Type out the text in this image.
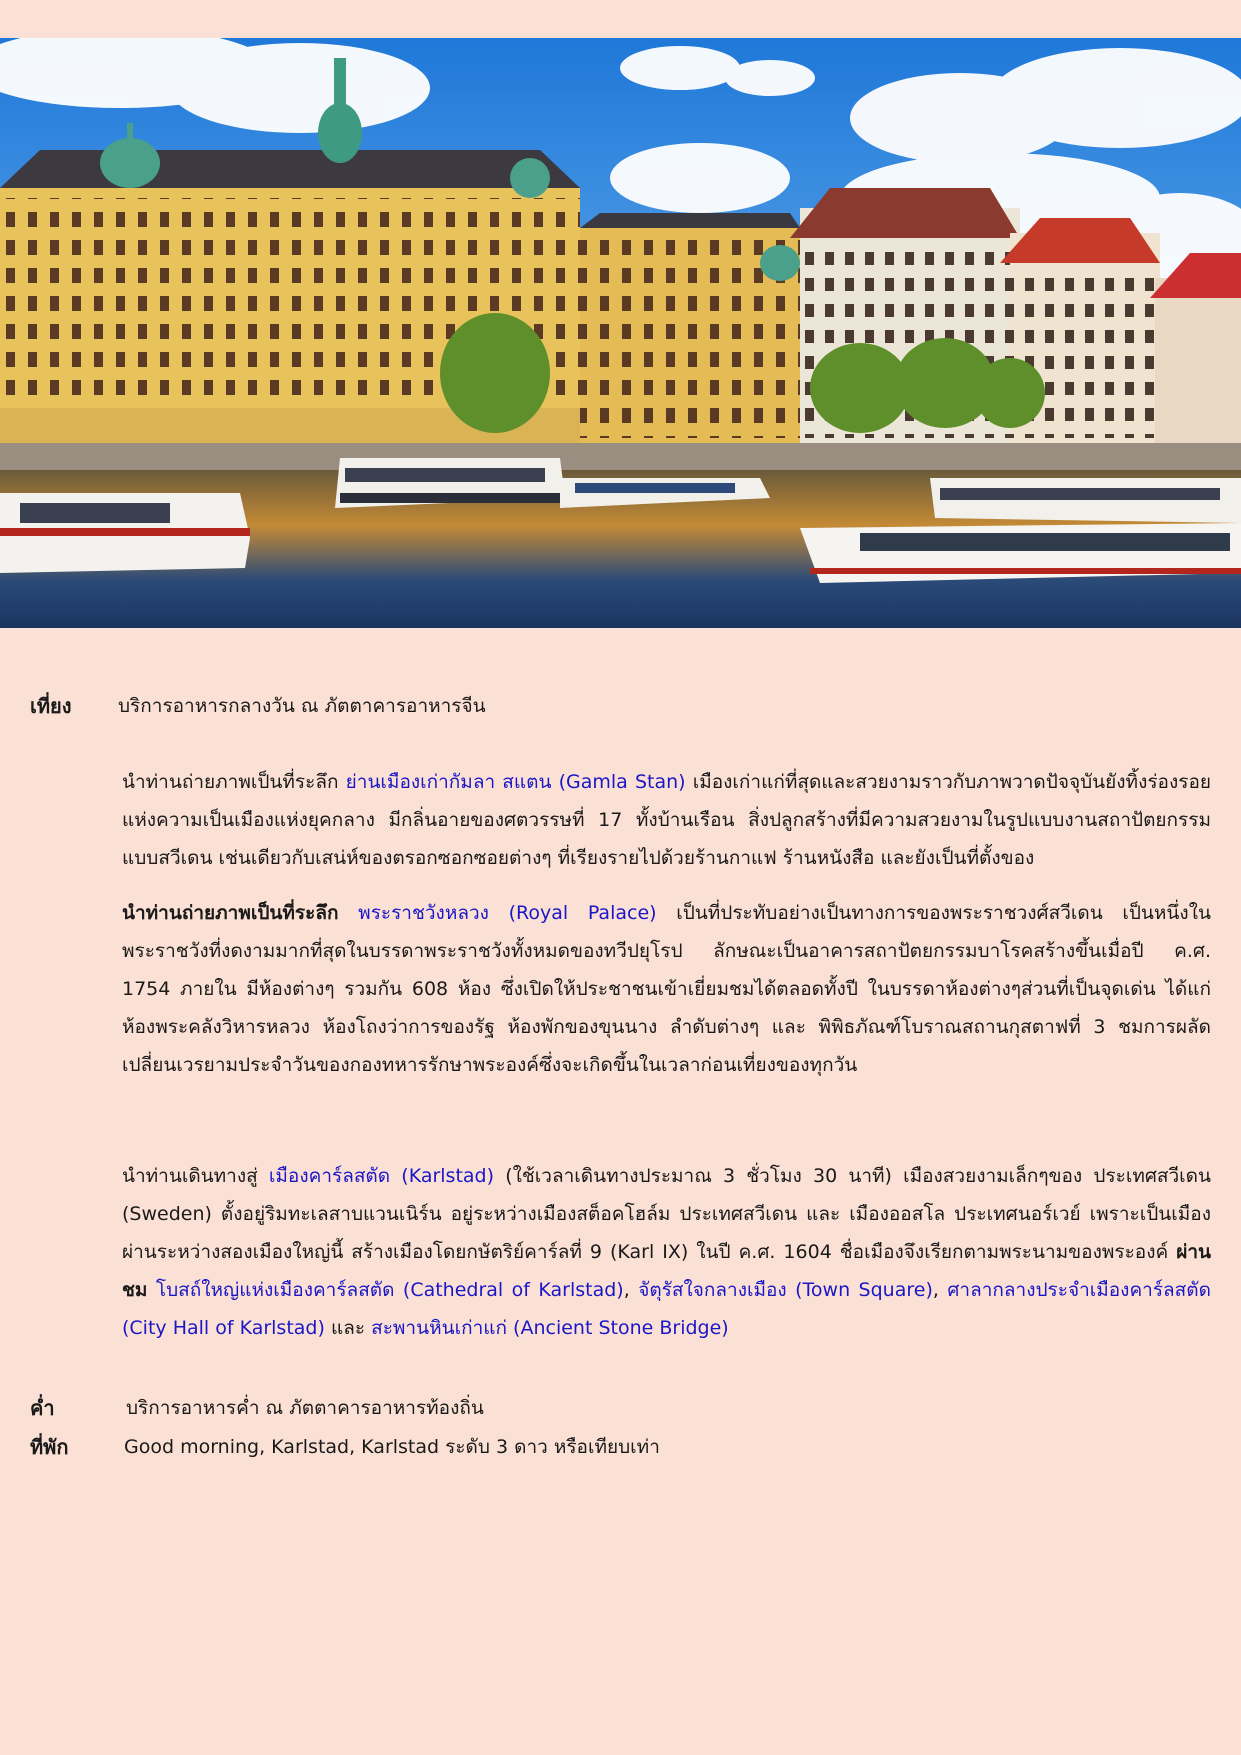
เที่ยง บริการอาหารกลางวัน ณ ภัตตาคารอาหารจีน
นำท่านถ่ายภาพเป็นที่ระลึก ย่านเมืองเก่ากัมลา สแตน (Gamla Stan) เมืองเก่าแก่ที่สุดและสวยงามราวกับภาพวาดปัจจุบันยังทิ้งร่องรอยแห่งความเป็นเมืองแห่งยุคกลาง มีกลิ่นอายของศตวรรษที่ 17 ทั้งบ้านเรือน สิ่งปลูกสร้างที่มีความสวยงามในรูปแบบงานสถาปัตยกรรมแบบสวีเดน เช่นเดียวกับเสน่ห์ของตรอกซอกซอยต่างๆ ที่เรียงรายไปด้วยร้านกาแฟ ร้านหนังสือ และยังเป็นที่ตั้งของ
นำท่านถ่ายภาพเป็นที่ระลึก พระราชวังหลวง (Royal Palace) เป็นที่ประทับอย่างเป็นทางการของพระราชวงศ์สวีเดน เป็นหนึ่งในพระราชวังที่งดงามมากที่สุดในบรรดาพระราชวังทั้งหมดของทวีปยุโรป ลักษณะเป็นอาคารสถาปัตยกรรมบาโรคสร้างขึ้นเมื่อปี ค.ศ. 1754 ภายใน มีห้องต่างๆ รวมกัน 608 ห้อง ซึ่งเปิดให้ประชาชนเข้าเยี่ยมชมได้ตลอดทั้งปี ในบรรดาห้องต่างๆส่วนที่เป็นจุดเด่น ได้แก่ ห้องพระคลังวิหารหลวง ห้องโถงว่าการของรัฐ ห้องพักของขุนนาง ลำดับต่างๆ และ พิพิธภัณฑ์โบราณสถานกุสตาฟที่ 3 ชมการผลัดเปลี่ยนเวรยามประจำวันของกองทหารรักษาพระองค์ซึ่งจะเกิดขึ้นในเวลาก่อนเที่ยงของทุกวัน
นำท่านเดินทางสู่ เมืองคาร์ลสตัด (Karlstad) (ใช้เวลาเดินทางประมาณ 3 ชั่วโมง 30 นาที) เมืองสวยงามเล็กๆของ ประเทศสวีเดน (Sweden) ตั้งอยู่ริมทะเลสาบแวนเนิร์น อยู่ระหว่างเมืองสต็อคโฮล์ม ประเทศสวีเดน และ เมืองออสโล ประเทศนอร์เวย์ เพราะเป็นเมืองผ่านระหว่างสองเมืองใหญ่นี้ สร้างเมืองโดยกษัตริย์คาร์ลที่ 9 (Karl IX) ในปี ค.ศ. 1604 ชื่อเมืองจึงเรียกตามพระนามของพระองค์ ผ่านชม โบสถ์ใหญ่แห่งเมืองคาร์ลสตัด (Cathedral of Karlstad), จัตุรัสใจกลางเมือง (Town Square), ศาลากลางประจำเมืองคาร์ลสตัด (City Hall of Karlstad) และ สะพานหินเก่าแก่ (Ancient Stone Bridge)
ค่ำ	บริการอาหารค่ำ ณ ภัตตาคารอาหารท้องถิ่น
ที่พัก	Good morning, Karlstad, Karlstad ระดับ 3 ดาว หรือเทียบเท่า
